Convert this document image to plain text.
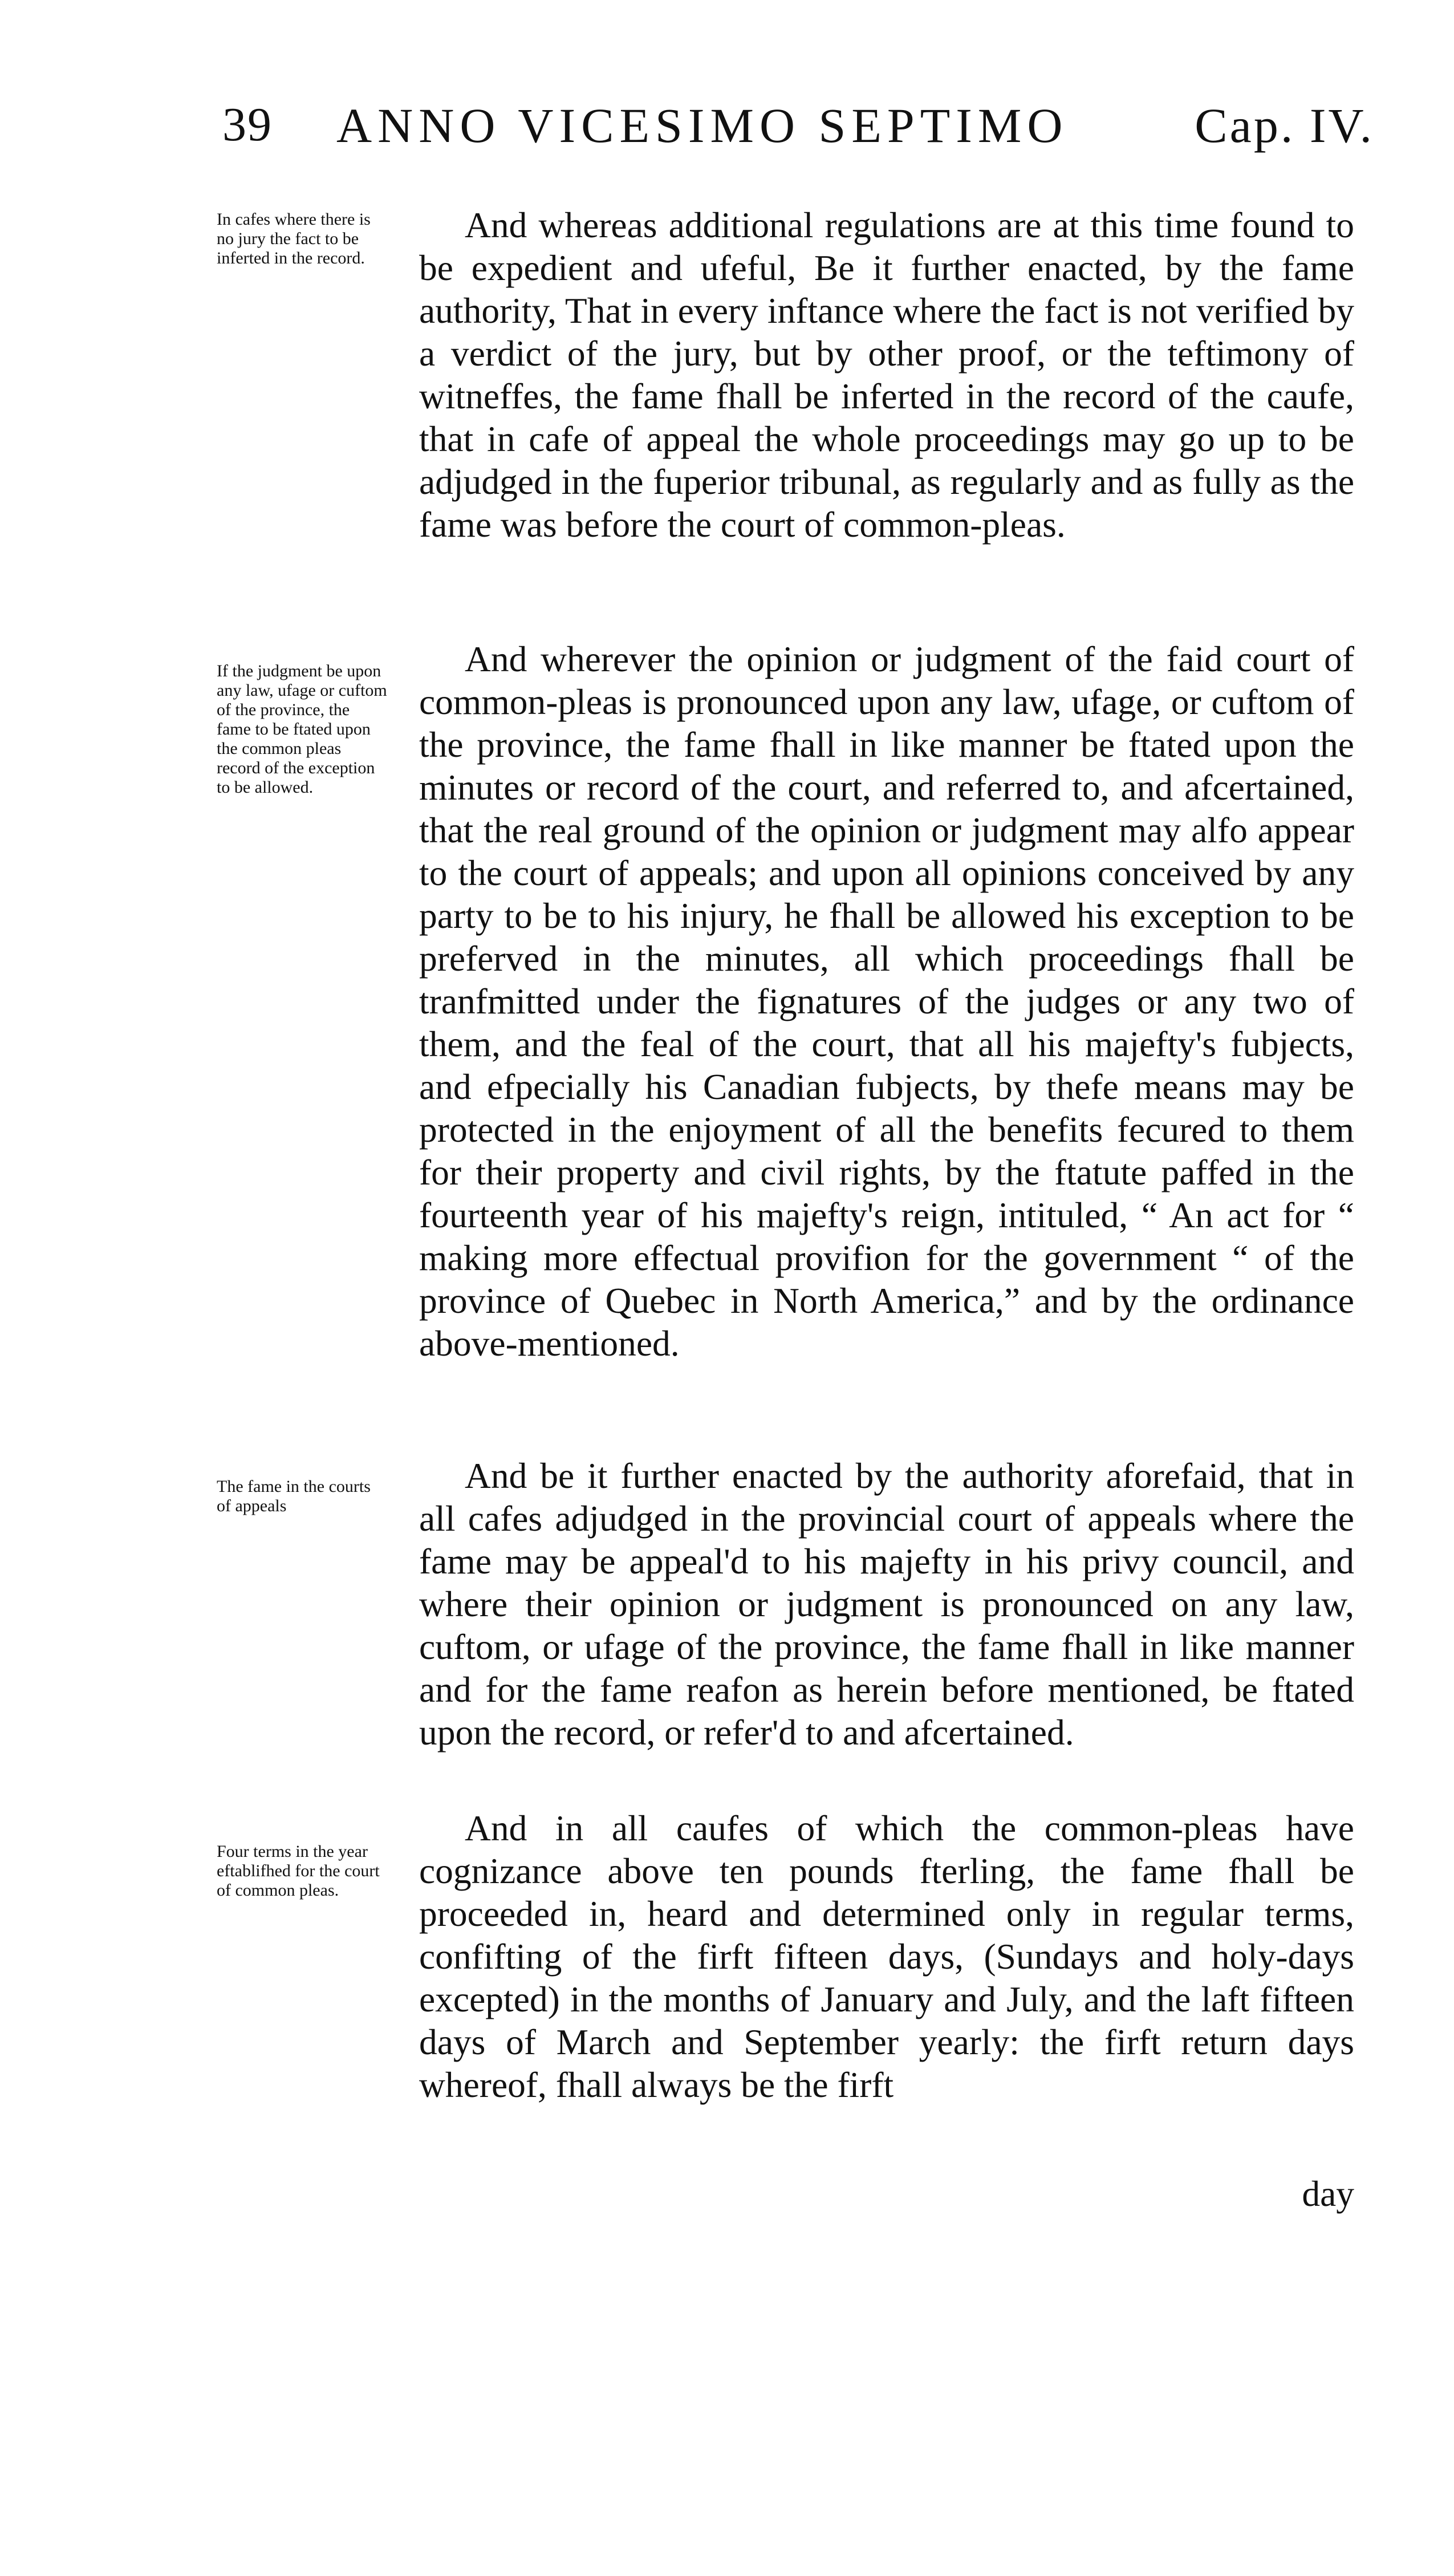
39 ANNO VICESIMO SEPTIMO	Cap. IV.
In cafes where there is no jury the fact to be inferted in the record.
If the judgment be upon any law, ufage or cuftom of the province, the fame to be ftated upon the common pleas record of the exception to be allowed.
The fame in the courts of appeals
Four terms in the year eftablifhed for the court of common pleas.

And whereas additional regulations are at this time found to be expedient and ufeful, Be it further enacted, by the fame authority, That in every inftance where the fact is not verified by a verdict of the jury, but by other proof, or the teftimony of witneffes, the fame fhall be inferted in the record of the caufe, that in cafe of appeal the whole proceedings may go up to be adjudged in the fuperior tribunal, as regularly and as fully as the fame was before the court of common-pleas.

And wherever the opinion or judgment of the faid court of common-pleas is pronounced upon any law, ufage, or cuftom of the province, the fame fhall in like manner be ftated upon the minutes or record of the court, and referred to, and afcertained, that the real ground of the opinion or judgment may alfo appear to the court of appeals; and upon all opinions conceived by any party to be to his injury, he fhall be allowed his exception to be preferved in the minutes, all which proceedings fhall be tranfmitted under the fignatures of the judges or any two of them, and the feal of the court, that all his majefty's fubjects, and efpecially his Canadian fubjects, by thefe means may be protected in the enjoyment of all the benefits fecured to them for their property and civil rights, by the ftatute paffed in the fourteenth year of his majefty's reign, intituled, “ An act for “ making more effectual provifion for the government “ of the province of Quebec in North America,” and by the ordinance above-mentioned.

And be it further enacted by the authority aforefaid, that in all cafes adjudged in the provincial court of appeals where the fame may be appeal'd to his majefty in his privy council, and where their opinion or judgment is pronounced on any law, cuftom, or ufage of the province, the fame fhall in like manner and for the fame reafon as herein before mentioned, be ftated upon the record, or refer'd to and afcertained.

And in all caufes of which the common-pleas have cognizance above ten pounds fterling, the fame fhall be proceeded in, heard and determined only in regular terms, confifting of the firft fifteen days, (Sundays and holy-days excepted) in the months of January and July, and the laft fifteen days of March and September yearly: the firft return days whereof, fhall always be the firft

day
